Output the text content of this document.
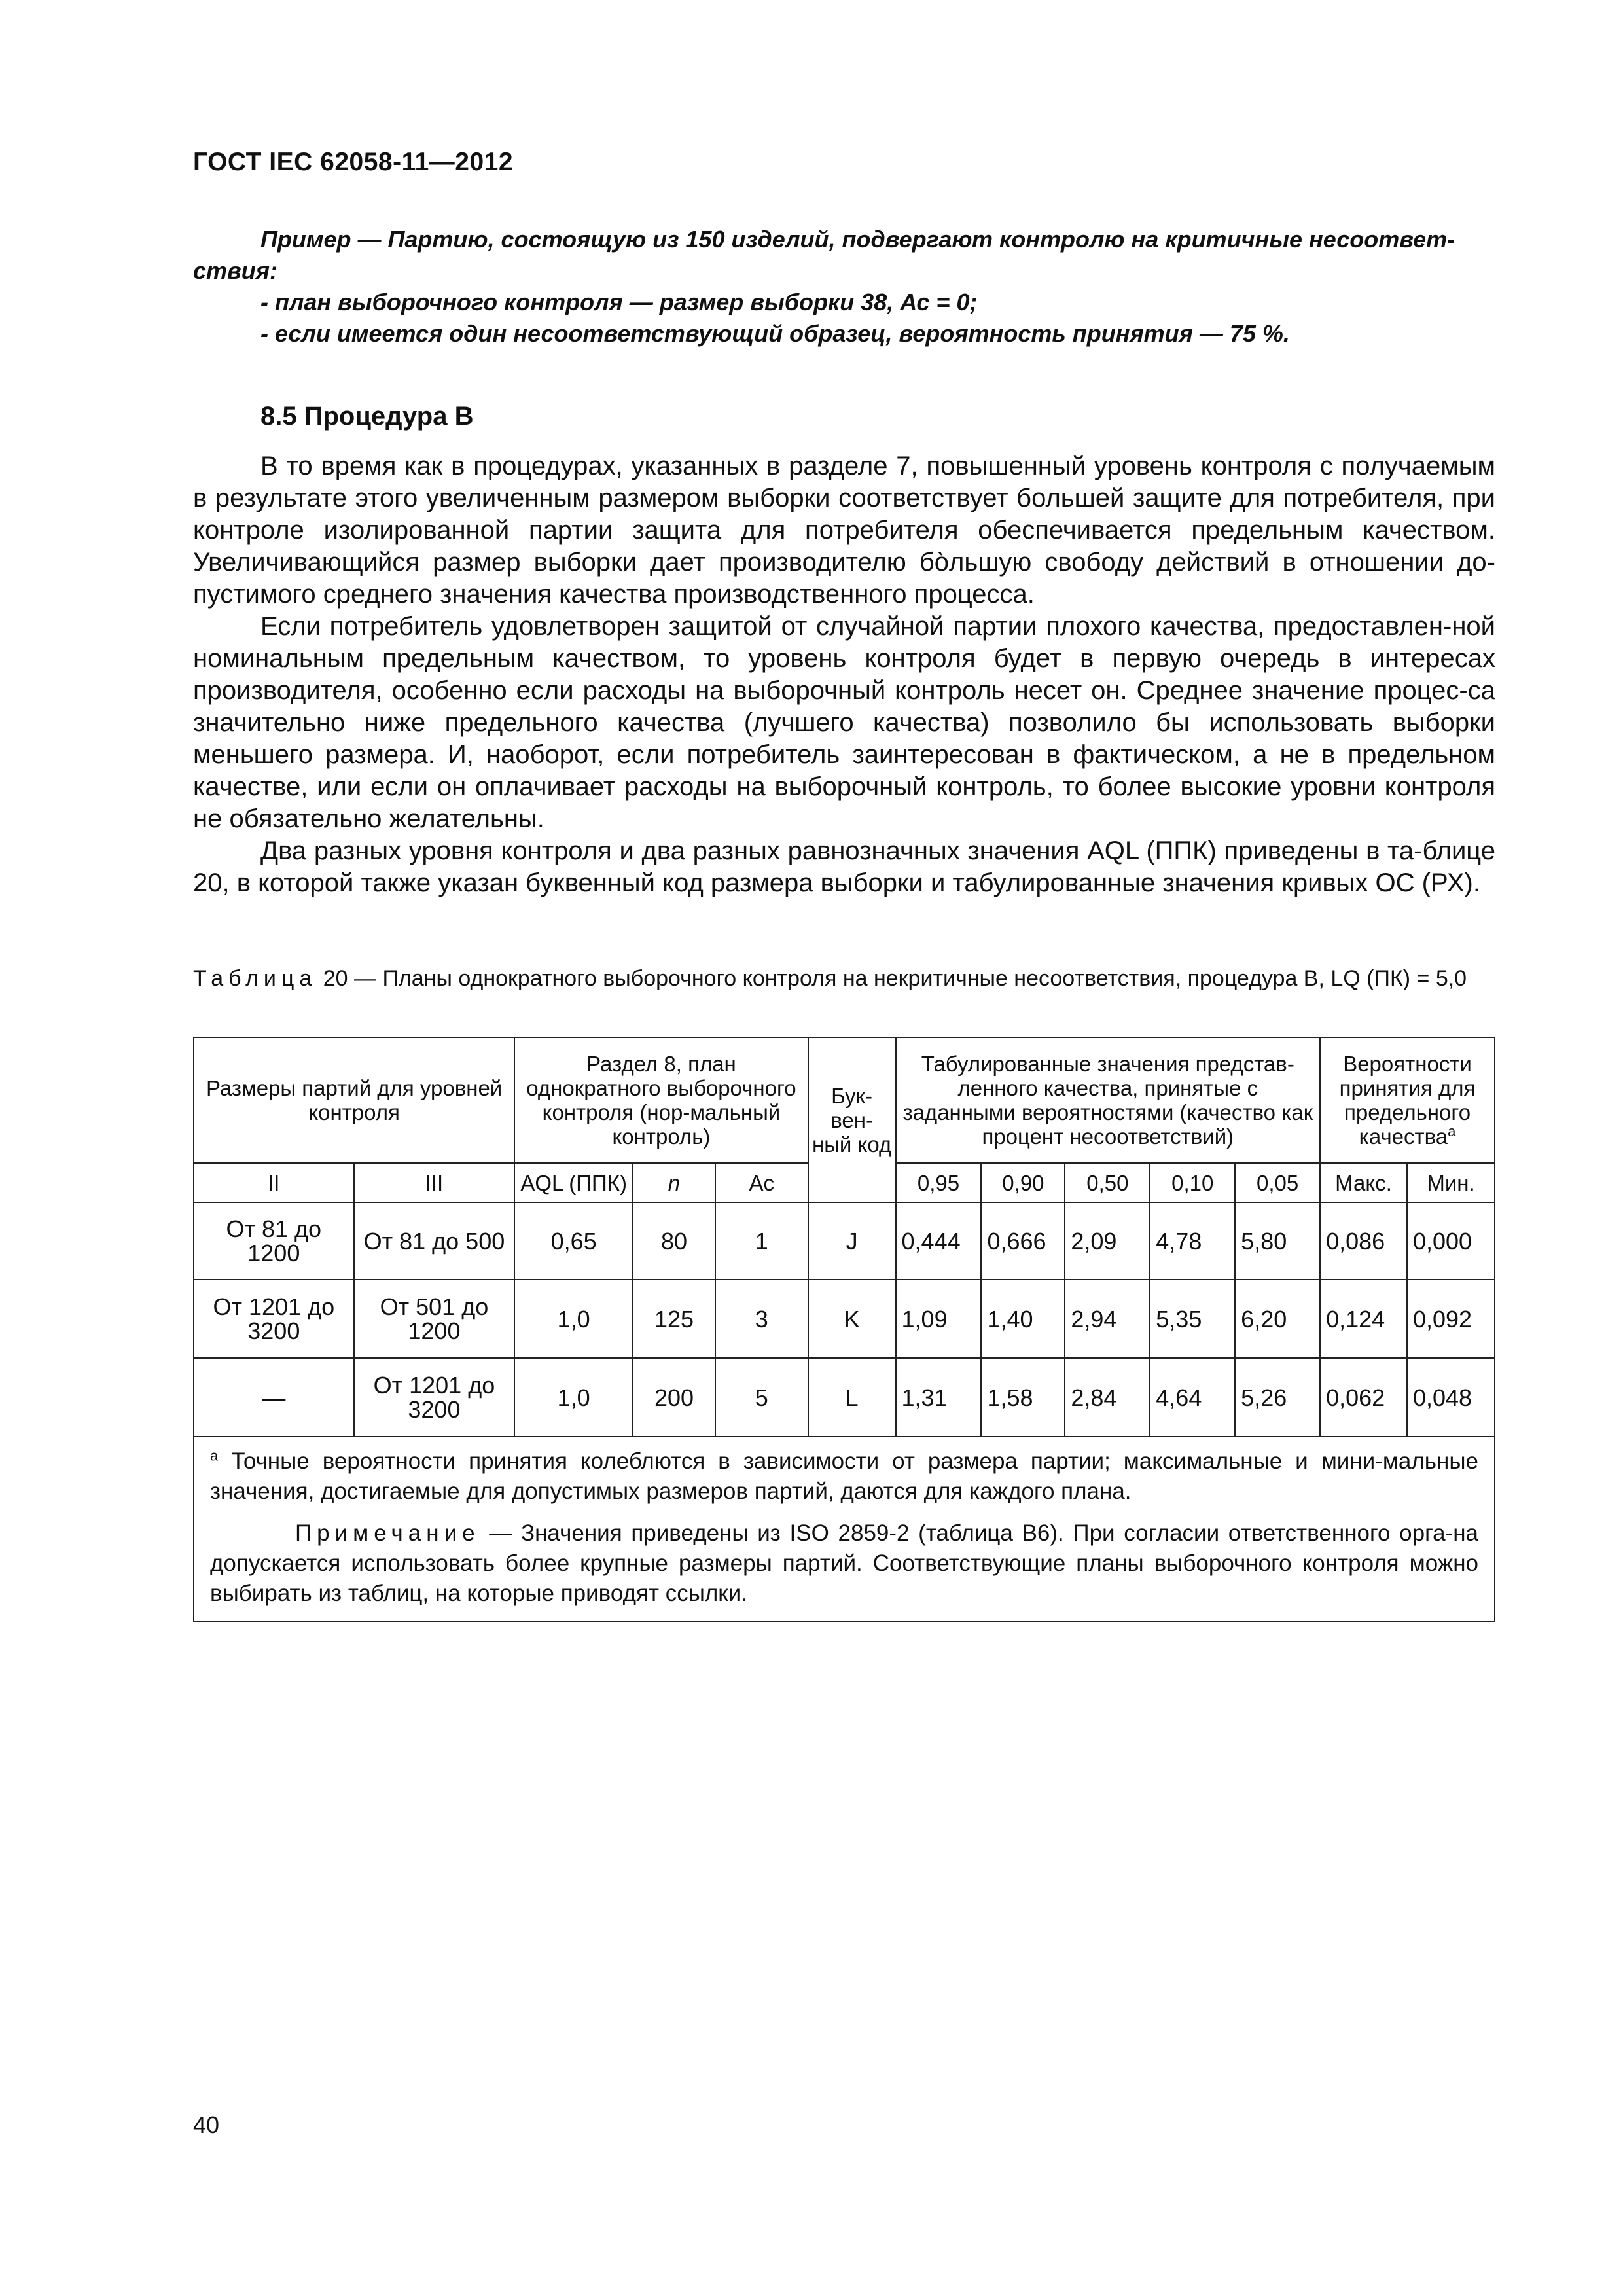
ГОСТ IEC 62058-11—2012

Пример — Партию, состоящую из 150 изделий, подвергают контролю на критичные несоответ-ствия:

- план выборочного контроля — размер выборки 38, Ас = 0;

- если имеется один несоответствующий образец, вероятность принятия — 75 %.

8.5 Процедура В

В то время как в процедурах, указанных в разделе 7, повышенный уровень контроля с получаемым в результате этого увеличенным размером выборки соответствует большей защите для потребителя, при контроле изолированной партии защита для потребителя обеспечивается предельным качеством. Увеличивающийся размер выборки дает производителю бо̀льшую свободу действий в отношении до-пустимого среднего значения качества производственного процесса.

Если потребитель удовлетворен защитой от случайной партии плохого качества, предоставлен-ной номинальным предельным качеством, то уровень контроля будет в первую очередь в интересах производителя, особенно если расходы на выборочный контроль несет он. Среднее значение процес-са значительно ниже предельного качества (лучшего качества) позволило бы использовать выборки меньшего размера. И, наоборот, если потребитель заинтересован в фактическом, а не в предельном качестве, или если он оплачивает расходы на выборочный контроль, то более высокие уровни контроля не обязательно желательны.

Два разных уровня контроля и два разных равнозначных значения AQL (ППК) приведены в та-блице 20, в которой также указан буквенный код размера выборки и табулированные значения кривых ОС (РХ).

Таблица 20 — Планы однократного выборочного контроля на некритичные несоответствия, процедура В, LQ (ПК) = 5,0
Размеры партий для уровней контроля		Раздел 8, план однократного выборочного контроля (нор-мальный контроль)			Бук-вен-ный код	Табулированные значения представ-ленного качества, принятые с заданными вероятностями (качество как процент несоответствий)					Вероятности принятия для предельного качества$^a$
II	III	AQL (ППК)	n	Ac		0,95	0,90	0,50	0,10	0,05	Макс.	Мин.
От 81 до 1200	От 81 до 500	0,65	80	1	J	0,444	0,666	2,09	4,78	5,80	0,086	0,000
От 1201 до 3200	От 501 до 1200	1,0	125	3	K	1,09	1,40	2,94	5,35	6,20	0,124	0,092
—	От 1201 до 3200	1,0	200	5	L	1,31	1,58	2,84	4,64	5,26	0,062	0,048

$^a$ Точные вероятности принятия колеблются в зависимости от размера партии; максимальные и мини-мальные значения, достигаемые для допустимых размеров партий, даются для каждого плана.

Примечание — Значения приведены из ISO 2859-2 (таблица В6). При согласии ответственного орга-на допускается использовать более крупные размеры партий. Соответствующие планы выборочного контроля можно выбирать из таблиц, на которые приводят ссылки.												

40
